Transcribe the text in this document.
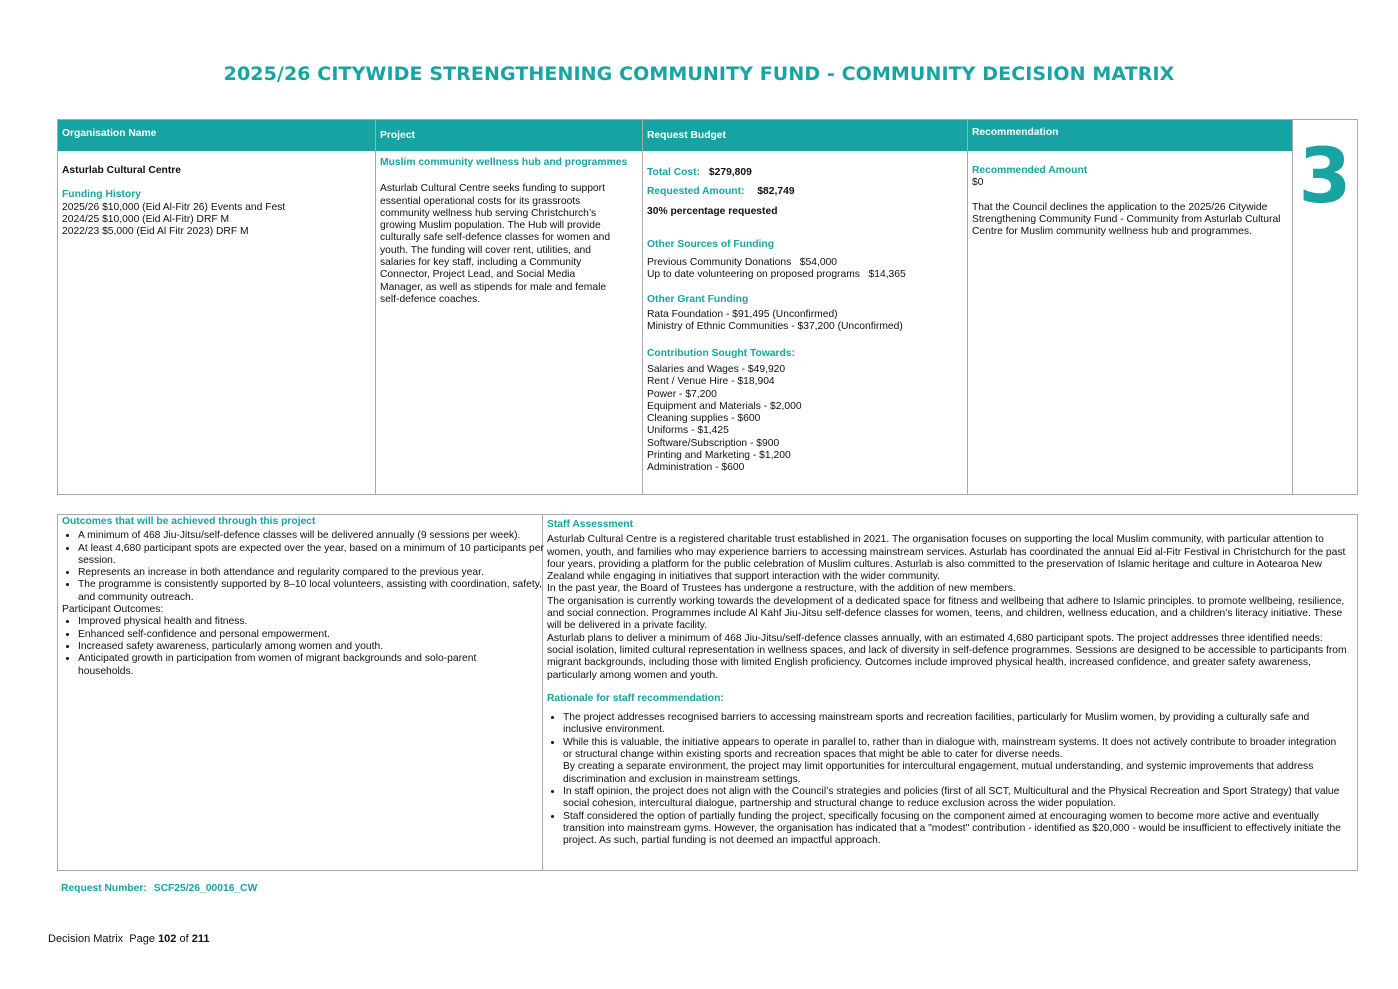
2025/26 CITYWIDE STRENGTHENING COMMUNITY FUND - COMMUNITY DECISION MATRIX
Organisation Name
Asturlab Cultural Centre
Funding History
2025/26 $10,000 (Eid Al-Fitr 26) Events and Fest
2024/25 $10,000 (Eid Al-Fitr) DRF M
2022/23 $5,000 (Eid Al Fitr 2023) DRF M
Project
Muslim community wellness hub and programmes

Asturlab Cultural Centre seeks funding to support essential operational costs for its grassroots community wellness hub serving Christchurch’s growing Muslim population. The Hub will provide culturally safe self-defence classes for women and youth. The funding will cover rent, utilities, and salaries for key staff, including a Community Connector, Project Lead, and Social Media Manager, as well as stipends for male and female self-defence coaches.

Request Budget
Total Cost: $279,809
Requested Amount: $82,749
30% percentage requested
Other Sources of Funding
Previous Community Donations   $54,000
Up to date volunteering on proposed programs   $14,365
Other Grant Funding
Rata Foundation - $91,495 (Unconfirmed)
Ministry of Ethnic Communities - $37,200 (Unconfirmed)
Contribution Sought Towards:
Salaries and Wages - $49,920
Rent / Venue Hire - $18,904
Power - $7,200
Equipment and Materials - $2,000
Cleaning supplies - $600
Uniforms - $1,425
Software/Subscription - $900
Printing and Marketing - $1,200
Administration - $600
Recommendation
Recommended Amount
$0

That the Council declines the application to the 2025/26 Citywide Strengthening Community Fund - Community from Asturlab Cultural Centre for Muslim community wellness hub and programmes.

3
Outcomes that will be achieved through this project
• A minimum of 468 Jiu-Jitsu/self-defence classes will be delivered annually (9 sessions per week).
• At least 4,680 participant spots are expected over the year, based on a minimum of 10 participants per session.
• Represents an increase in both attendance and regularity compared to the previous year.
• The programme is consistently supported by 8–10 local volunteers, assisting with coordination, safety, and community outreach.
Participant Outcomes:
• Improved physical health and fitness.
• Enhanced self-confidence and personal empowerment.
• Increased safety awareness, particularly among women and youth.
• Anticipated growth in participation from women of migrant backgrounds and solo-parent households.
Staff Assessment

Asturlab Cultural Centre is a registered charitable trust established in 2021. The organisation focuses on supporting the local Muslim community, with particular attention to women, youth, and families who may experience barriers to accessing mainstream services. Asturlab has coordinated the annual Eid al-Fitr Festival in Christchurch for the past four years, providing a platform for the public celebration of Muslim cultures. Asturlab is also committed to the preservation of Islamic heritage and culture in Aotearoa New Zealand while engaging in initiatives that support interaction with the wider community.

In the past year, the Board of Trustees has undergone a restructure, with the addition of new members.

The organisation is currently working towards the development of a dedicated space for fitness and wellbeing that adhere to Islamic principles. to promote wellbeing, resilience, and social connection. Programmes include Al Kahf Jiu-Jitsu self-defence classes for women, teens, and children, wellness education, and a children’s literacy initiative. These will be delivered in a private facility.

Asturlab plans to deliver a minimum of 468 Jiu-Jitsu/self-defence classes annually, with an estimated 4,680 participant spots. The project addresses three identified needs: social isolation, limited cultural representation in wellness spaces, and lack of diversity in self-defence programmes. Sessions are designed to be accessible to participants from migrant backgrounds, including those with limited English proficiency. Outcomes include improved physical health, increased confidence, and greater safety awareness, particularly among women and youth.

Rationale for staff recommendation:
• The project addresses recognised barriers to accessing mainstream sports and recreation facilities, particularly for Muslim women, by providing a culturally safe and inclusive environment.
• While this is valuable, the initiative appears to operate in parallel to, rather than in dialogue with, mainstream systems. It does not actively contribute to broader integration or structural change within existing sports and recreation spaces that might be able to cater for diverse needs.
By creating a separate environment, the project may limit opportunities for intercultural engagement, mutual understanding, and systemic improvements that address discrimination and exclusion in mainstream settings.
• In staff opinion, the project does not align with the Council’s strategies and policies (first of all SCT, Multicultural and the Physical Recreation and Sport Strategy) that value social cohesion, intercultural dialogue, partnership and structural change to reduce exclusion across the wider population.
• Staff considered the option of partially funding the project, specifically focusing on the component aimed at encouraging women to become more active and eventually transition into mainstream gyms. However, the organisation has indicated that a "modest" contribution - identified as $20,000 - would be insufficient to effectively initiate the project. As such, partial funding is not deemed an impactful approach.
Request Number: SCF25/26_00016_CW
Decision Matrix  Page 102 of 211
